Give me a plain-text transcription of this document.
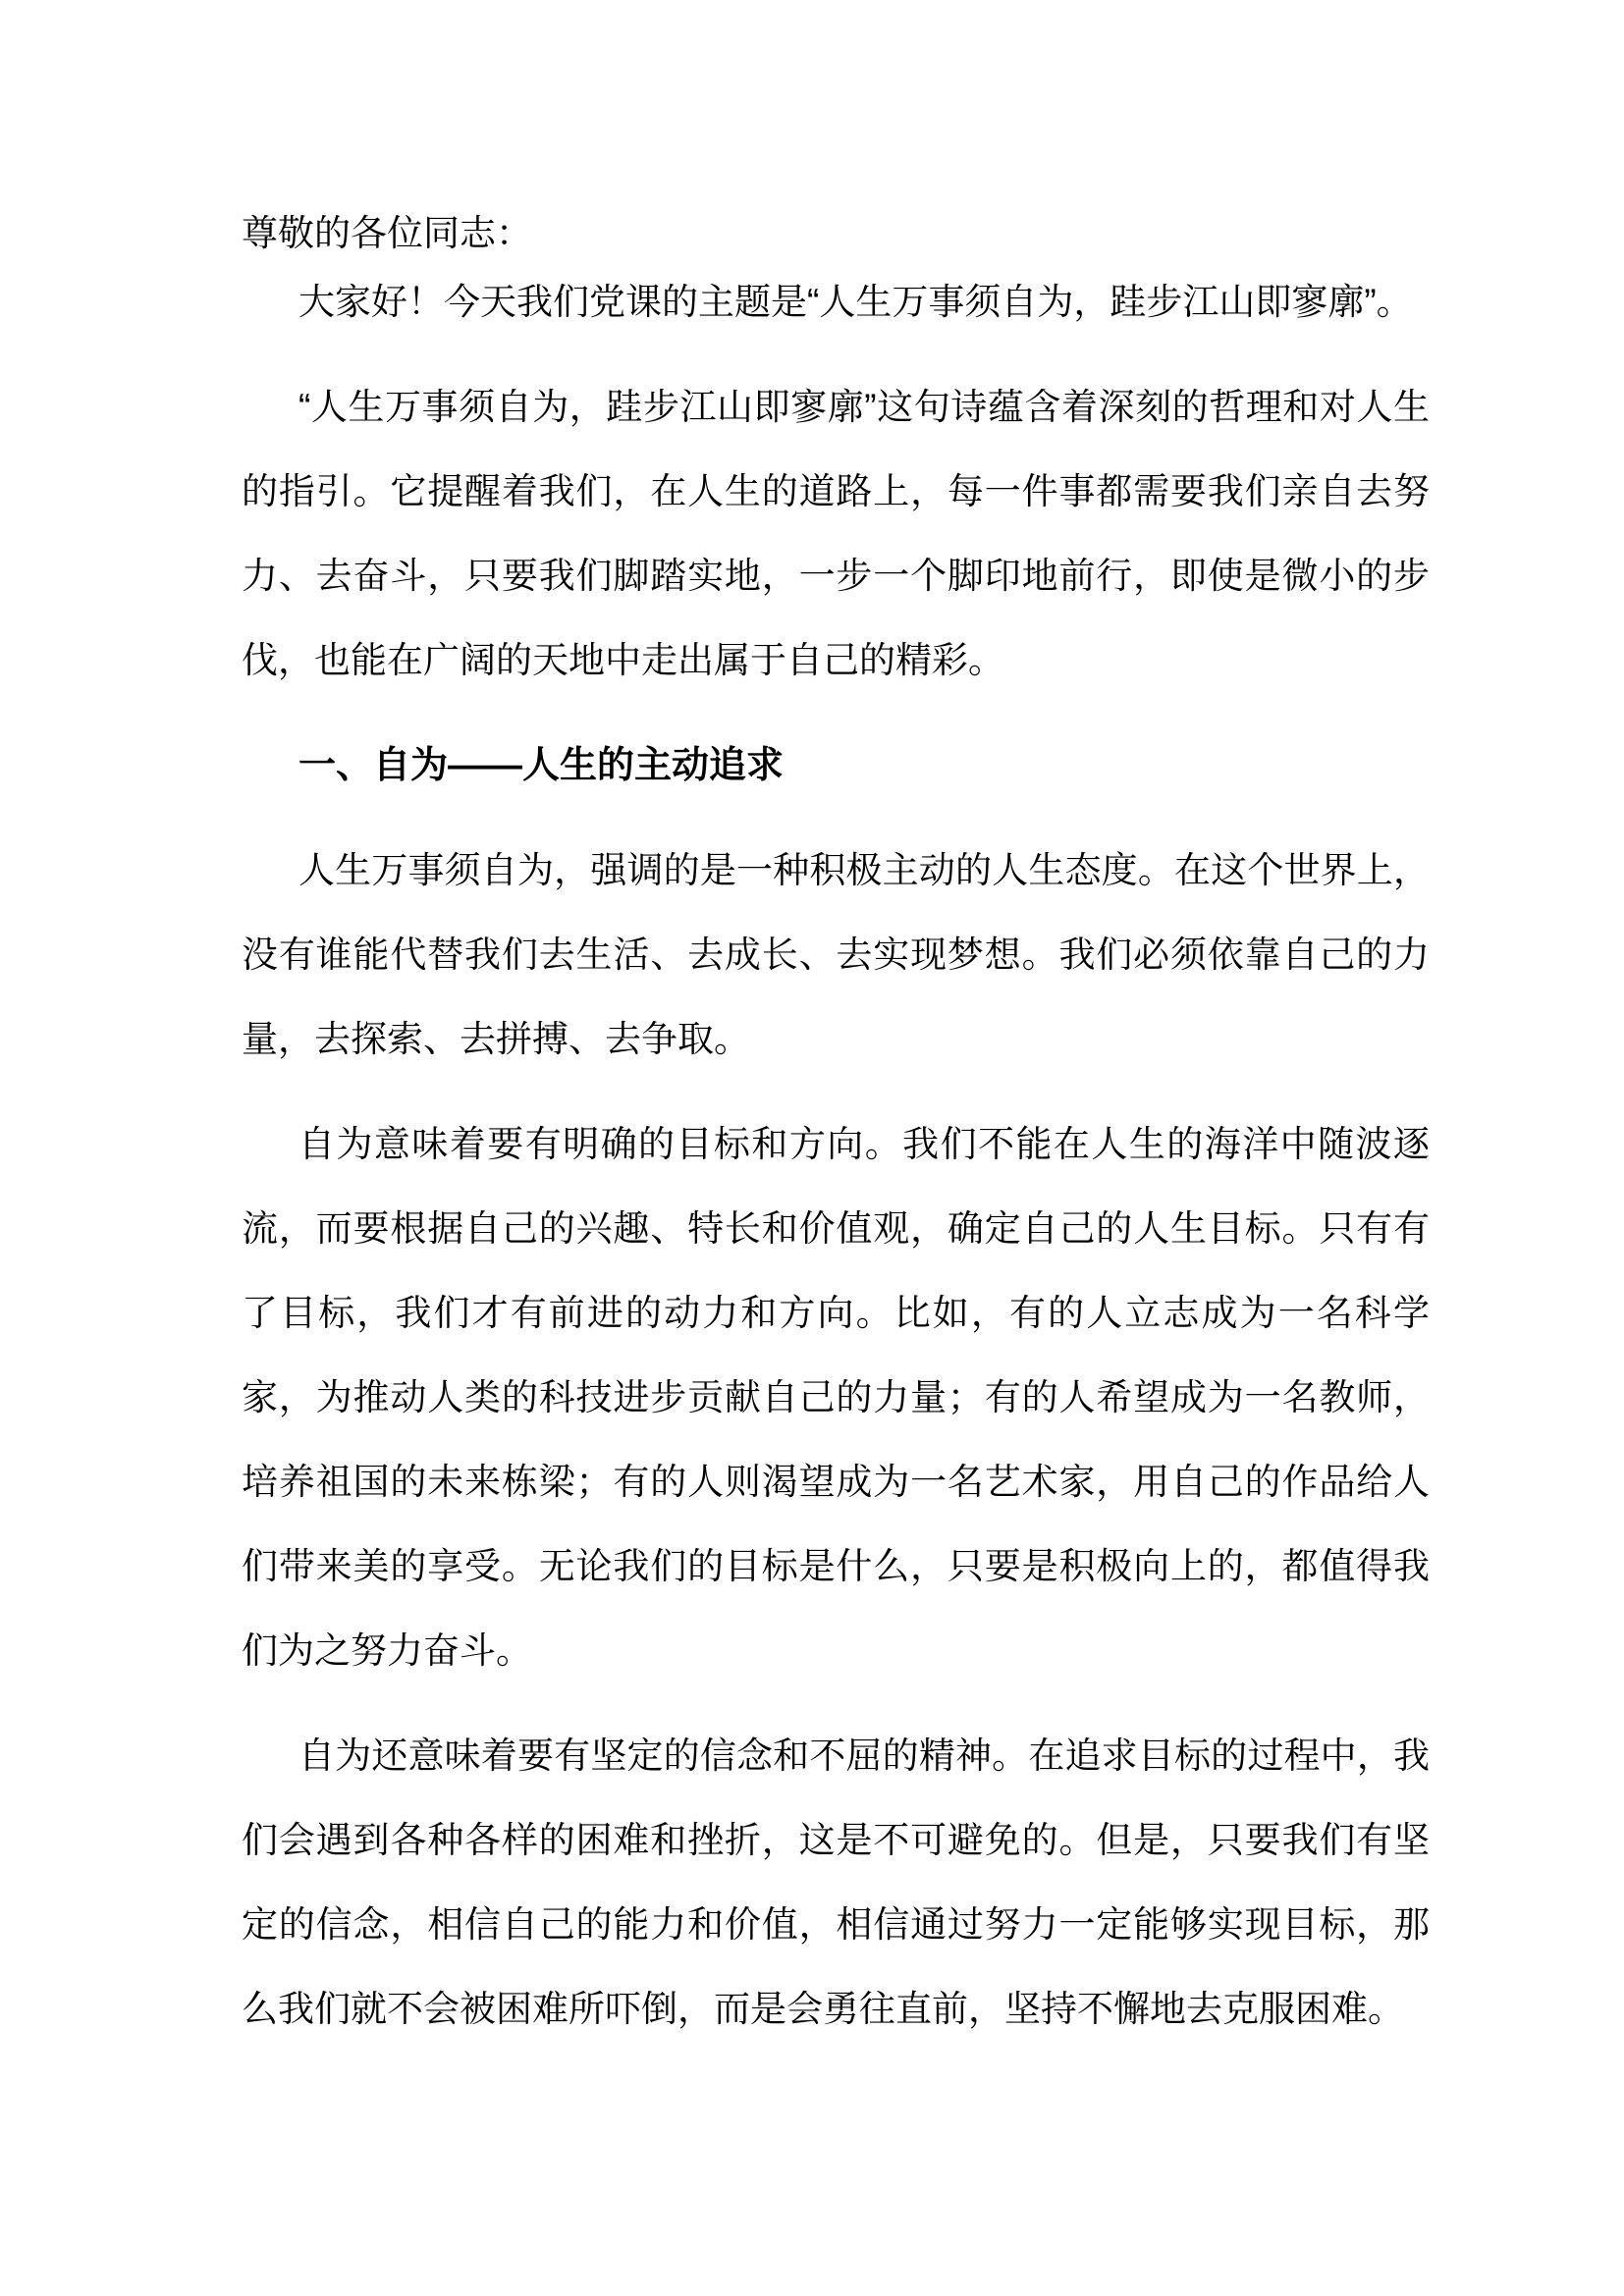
尊敬的各位同志：

大家好！今天我们党课的主题是“人生万事须自为，跬步江山即寥廓”。

“人生万事须自为，跬步江山即寥廓”这句诗蕴含着深刻的哲理和对人生的指引。它提醒着我们，在人生的道路上，每一件事都需要我们亲自去努力、去奋斗，只要我们脚踏实地，一步一个脚印地前行，即使是微小的步伐，也能在广阔的天地中走出属于自己的精彩。

一、自为——人生的主动追求

人生万事须自为，强调的是一种积极主动的人生态度。在这个世界上，没有谁能代替我们去生活、去成长、去实现梦想。我们必须依靠自己的力量，去探索、去拼搏、去争取。

自为意味着要有明确的目标和方向。我们不能在人生的海洋中随波逐流，而要根据自己的兴趣、特长和价值观，确定自己的人生目标。只有有了目标，我们才有前进的动力和方向。比如，有的人立志成为一名科学家，为推动人类的科技进步贡献自己的力量；有的人希望成为一名教师，培养祖国的未来栋梁；有的人则渴望成为一名艺术家，用自己的作品给人们带来美的享受。无论我们的目标是什么，只要是积极向上的，都值得我们为之努力奋斗。

自为还意味着要有坚定的信念和不屈的精神。在追求目标的过程中，我们会遇到各种各样的困难和挫折，这是不可避免的。但是，只要我们有坚定的信念，相信自己的能力和价值，相信通过努力一定能够实现目标，那么我们就不会被困难所吓倒，而是会勇往直前，坚持不懈地去克服困难。
